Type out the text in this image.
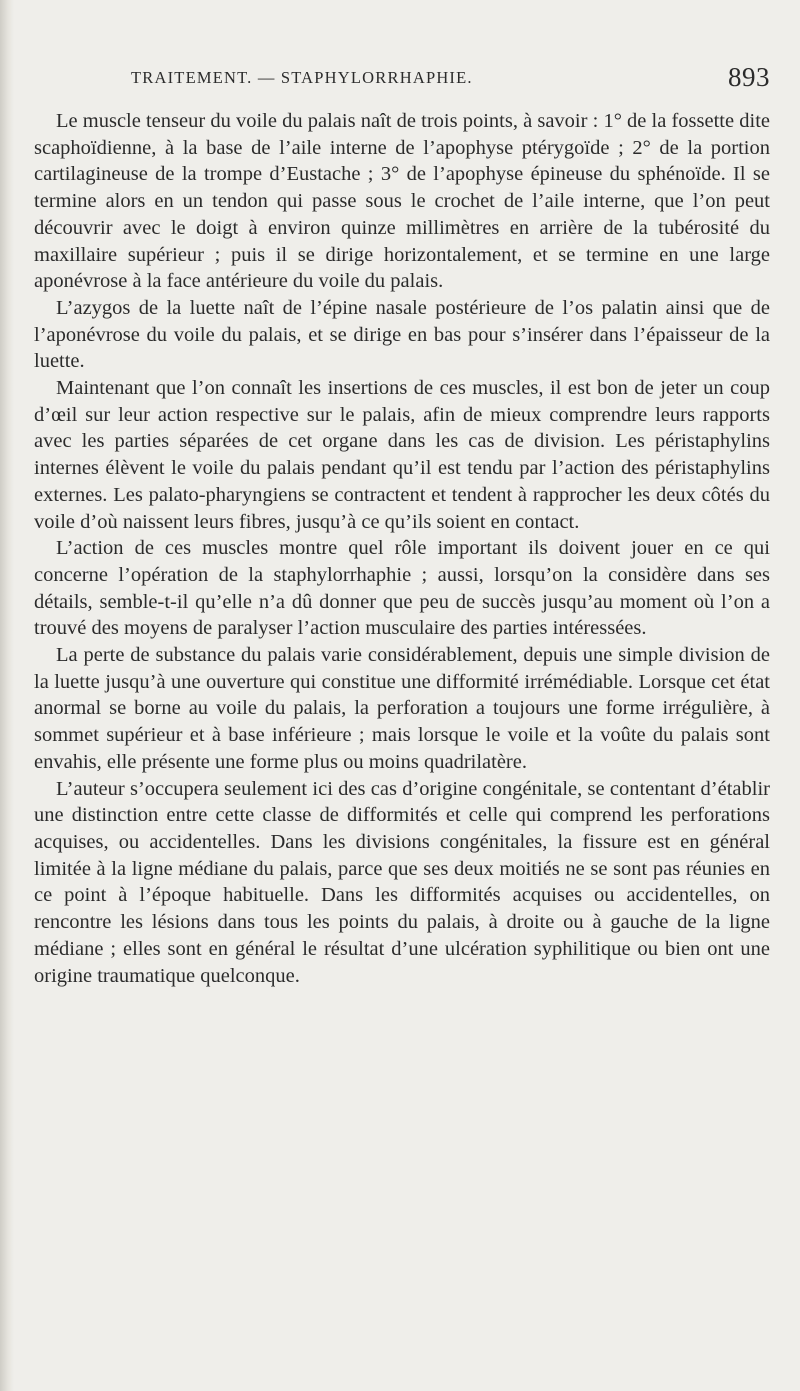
TRAITEMENT. — STAPHYLORRHAPHIE.	893

Le muscle tenseur du voile du palais naît de trois points, à savoir : 1° de la fossette dite scaphoïdienne, à la base de l’aile interne de l’apophyse ptérygoïde ; 2° de la portion cartilagineuse de la trompe d’Eustache ; 3° de l’apophyse épineuse du sphénoïde. Il se termine alors en un tendon qui passe sous le crochet de l’aile interne, que l’on peut découvrir avec le doigt à environ quinze millimètres en arrière de la tubérosité du maxillaire supérieur ; puis il se dirige horizontalement, et se termine en une large aponévrose à la face antérieure du voile du palais.

L’azygos de la luette naît de l’épine nasale postérieure de l’os palatin ainsi que de l’aponévrose du voile du palais, et se dirige en bas pour s’insérer dans l’épaisseur de la luette.

Maintenant que l’on connaît les insertions de ces muscles, il est bon de jeter un coup d’œil sur leur action respective sur le palais, afin de mieux comprendre leurs rapports avec les parties séparées de cet organe dans les cas de division. Les péristaphylins internes élèvent le voile du palais pendant qu’il est tendu par l’action des péristaphylins externes. Les palato-pharyngiens se contractent et tendent à rapprocher les deux côtés du voile d’où naissent leurs fibres, jusqu’à ce qu’ils soient en contact.

L’action de ces muscles montre quel rôle important ils doivent jouer en ce qui concerne l’opération de la staphylorrhaphie ; aussi, lorsqu’on la considère dans ses détails, semble-t-il qu’elle n’a dû donner que peu de succès jusqu’au moment où l’on a trouvé des moyens de paralyser l’action musculaire des parties intéressées.

La perte de substance du palais varie considérablement, depuis une simple division de la luette jusqu’à une ouverture qui constitue une difformité irrémédiable. Lorsque cet état anormal se borne au voile du palais, la perforation a toujours une forme irrégulière, à sommet supérieur et à base inférieure ; mais lorsque le voile et la voûte du palais sont envahis, elle présente une forme plus ou moins quadrilatère.

L’auteur s’occupera seulement ici des cas d’origine congénitale, se contentant d’établir une distinction entre cette classe de difformités et celle qui comprend les perforations acquises, ou accidentelles. Dans les divisions congénitales, la fissure est en général limitée à la ligne médiane du palais, parce que ses deux moitiés ne se sont pas réunies en ce point à l’époque habituelle. Dans les difformités acquises ou accidentelles, on rencontre les lésions dans tous les points du palais, à droite ou à gauche de la ligne médiane ; elles sont en général le résultat d’une ulcération syphilitique ou bien ont une origine traumatique quelconque.
